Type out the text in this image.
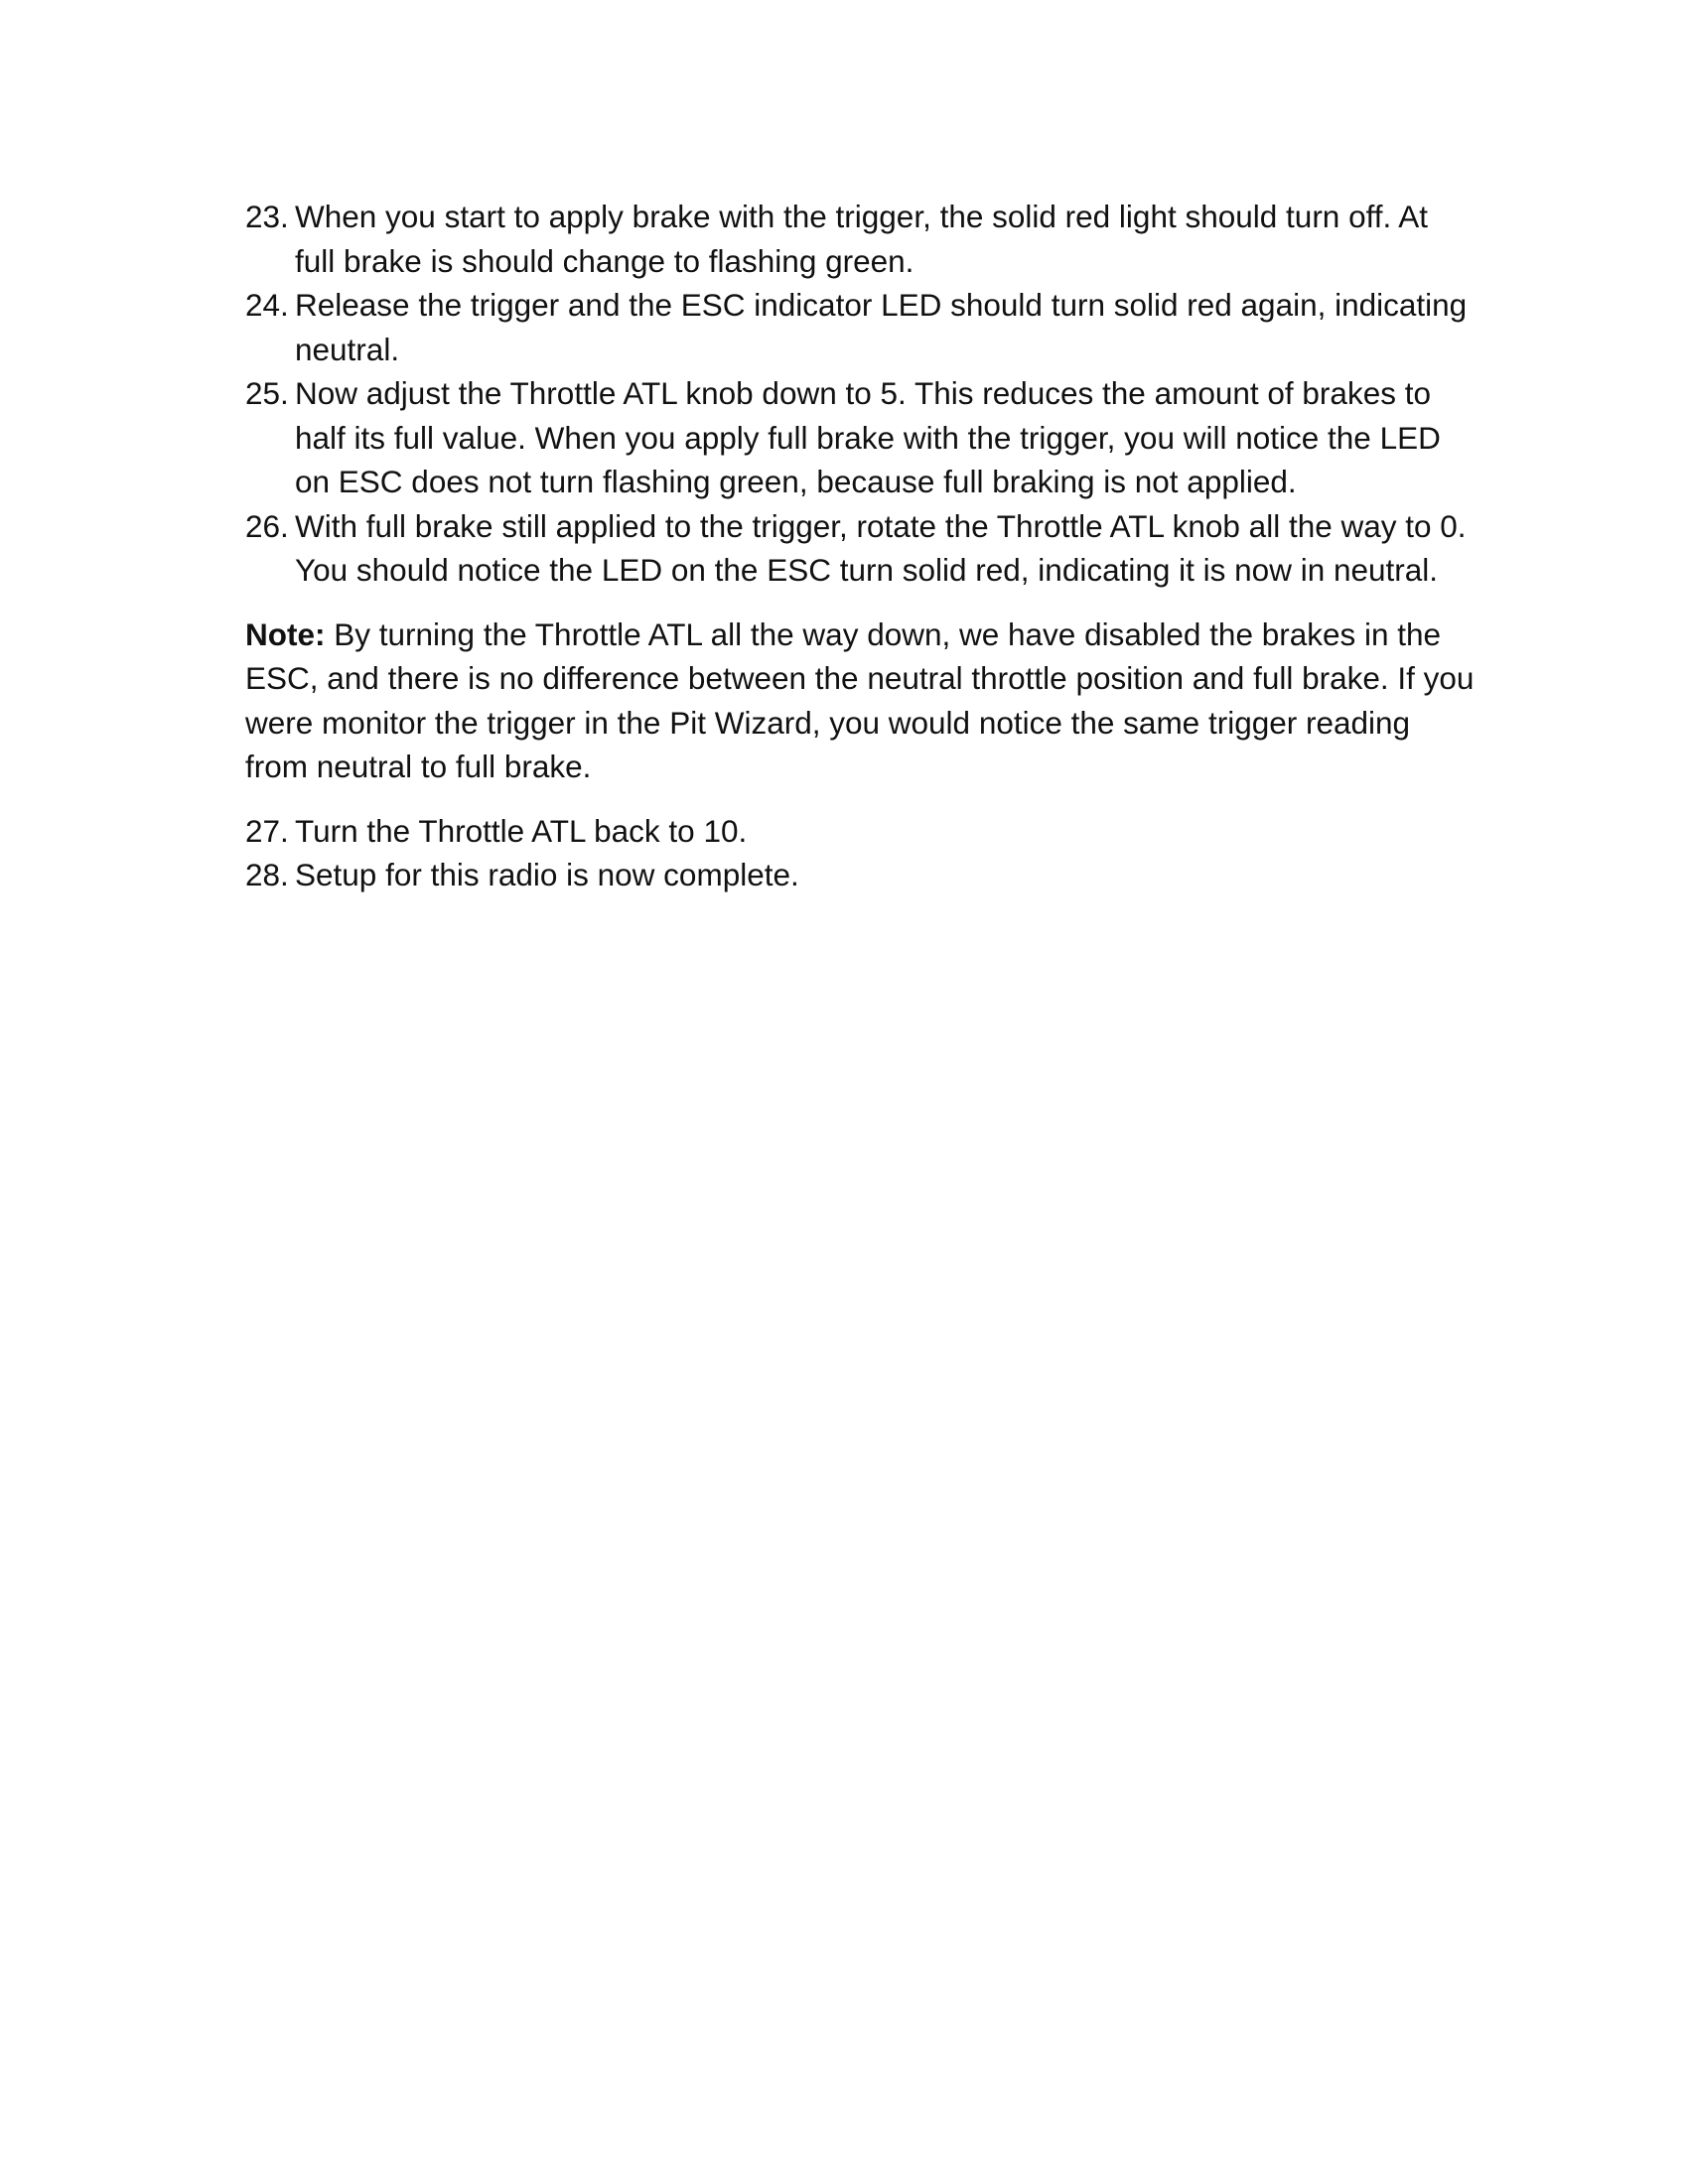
23. When you start to apply brake with the trigger, the solid red light should turn off. At full brake is should change to flashing green.
24. Release the trigger and the ESC indicator LED should turn solid red again, indicating neutral.
25. Now adjust the Throttle ATL knob down to 5. This reduces the amount of brakes to half its full value. When you apply full brake with the trigger, you will notice the LED on ESC does not turn flashing green, because full braking is not applied.
26. With full brake still applied to the trigger, rotate the Throttle ATL knob all the way to 0. You should notice the LED on the ESC turn solid red, indicating it is now in neutral.

Note: By turning the Throttle ATL all the way down, we have disabled the brakes in the ESC, and there is no difference between the neutral throttle position and full brake. If you were monitor the trigger in the Pit Wizard, you would notice the same trigger reading from neutral to full brake.

27. Turn the Throttle ATL back to 10.
28. Setup for this radio is now complete.
